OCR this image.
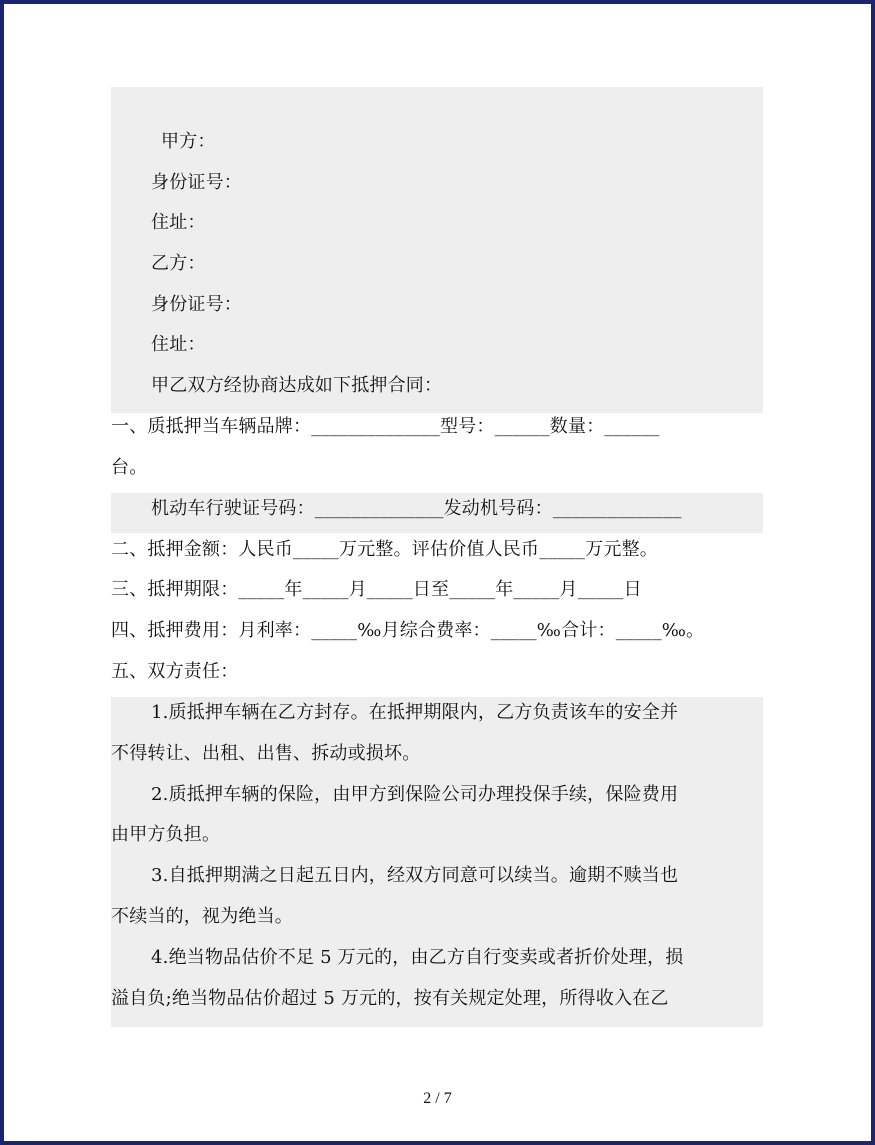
甲方：
身份证号：
住址：
乙方：
身份证号：
住址：
甲乙双方经协商达成如下抵押合同：
一、质抵押当车辆品牌：______________型号：______数量：______
台。
机动车行驶证号码：______________发动机号码：______________
二、抵押金额：人民币_____万元整。评估价值人民币_____万元整。
三、抵押期限：_____年_____月_____日至_____年_____月_____日
四、抵押费用：月利率：_____‰月综合费率：_____‰合计：_____‰。
五、双方责任：
1.质抵押车辆在乙方封存。在抵押期限内，乙方负责该车的安全并
不得转让、出租、出售、拆动或损坏。
2.质抵押车辆的保险，由甲方到保险公司办理投保手续，保险费用
由甲方负担。
3.自抵押期满之日起五日内，经双方同意可以续当。逾期不赎当也
不续当的，视为绝当。
4.绝当物品估价不足 5 万元的，由乙方自行变卖或者折价处理，损
溢自负;绝当物品估价超过 5 万元的，按有关规定处理，所得收入在乙
2 / 7
